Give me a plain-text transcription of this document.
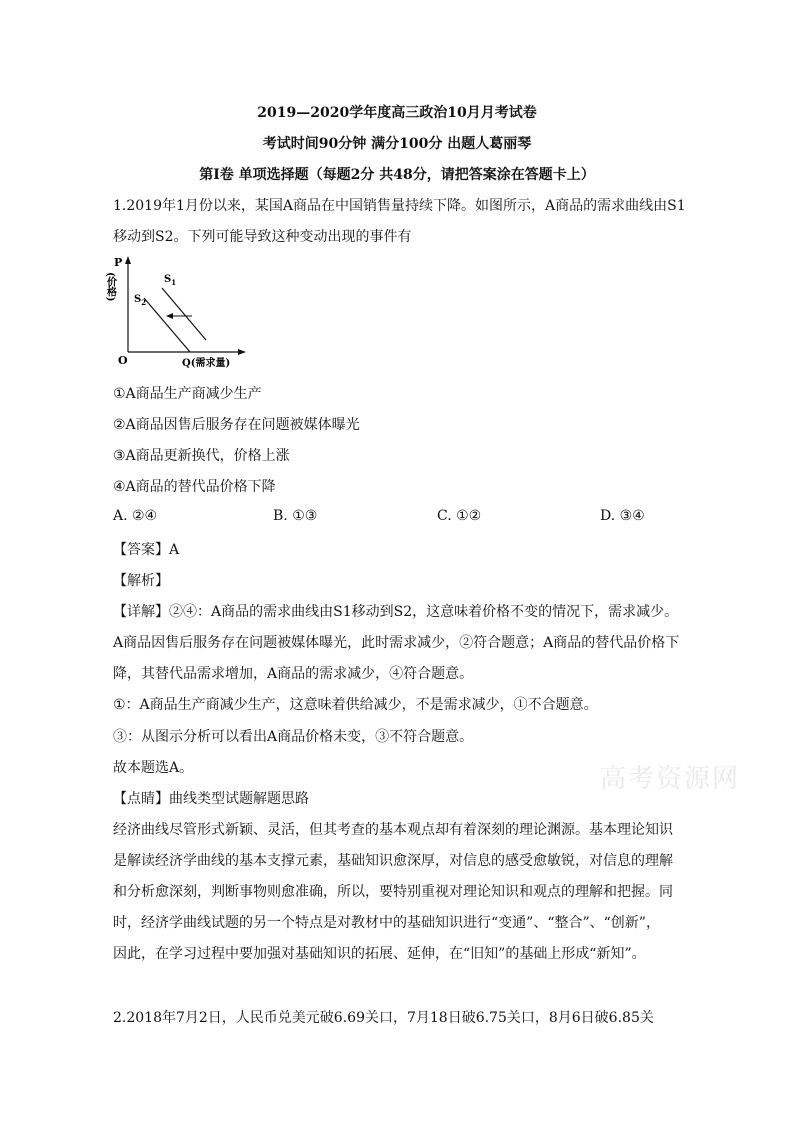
2019—2020学年度高三政治10月月考试卷
考试时间90分钟 满分100分 出题人葛丽琴
第Ⅰ卷 单项选择题（每题2分 共48分，请把答案涂在答题卡上）
1.2019年1月份以来，某国A商品在中国销售量持续下降。如图所示，A商品的需求曲线由S1
移动到S2。下列可能导致这种变动出现的事件有
P
(价格)	$S_1$
$S_2$
O	Q(需求量)
①A商品生产商减少生产
②A商品因售后服务存在问题被媒体曝光
③A商品更新换代，价格上涨
④A商品的替代品价格下降
A. ②④	B. ①③	C. ①②	D. ③④
【答案】A
【解析】
【详解】②④：A商品的需求曲线由S1移动到S2，这意味着价格不变的情况下，需求减少。
A商品因售后服务存在问题被媒体曝光，此时需求减少，②符合题意；A商品的替代品价格下
降，其替代品需求增加，A商品的需求减少，④符合题意。
①：A商品生产商减少生产，这意味着供给减少，不是需求减少，①不合题意。
③：从图示分析可以看出A商品价格未变，③不符合题意。
故本题选A。
【点睛】曲线类型试题解题思路
经济曲线尽管形式新颖、灵活，但其考查的基本观点却有着深刻的理论渊源。基本理论知识
是解读经济学曲线的基本支撑元素，基础知识愈深厚，对信息的感受愈敏锐，对信息的理解
和分析愈深刻，判断事物则愈准确，所以，要特别重视对理论知识和观点的理解和把握。同
时，经济学曲线试题的另一个特点是对教材中的基础知识进行“变通”、“整合”、“创新”，
因此，在学习过程中要加强对基础知识的拓展、延伸，在“旧知”的基础上形成“新知”。
2.2018年7月2日，人民币兑美元破6.69关口，7月18日破6.75关口，8月6日破6.85关
高考资源网
